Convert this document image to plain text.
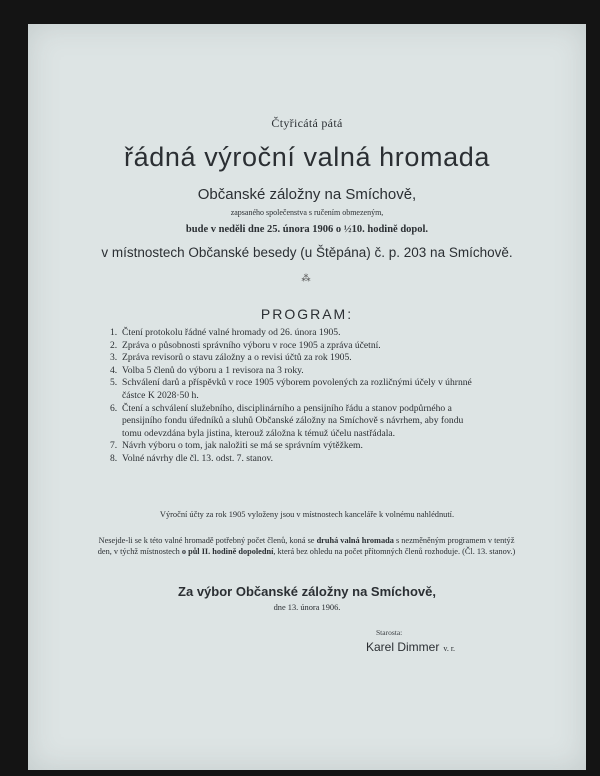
Čtyřicátá pátá
řádná výroční valná hromada
Občanské záložny na Smíchově,
zapsaného společenstva s ručením obmezeným,
bude v neděli dne 25. února 1906 o ½10. hodině dopol.
v místnostech Občanské besedy (u Štěpána) č. p. 203 na Smíchově.
⁂
PROGRAM:
1. Čtení protokolu řádné valné hromady od 26. února 1905.
2. Zpráva o působnosti správního výboru v roce 1905 a zpráva účetní.
3. Zpráva revisorů o stavu záložny a o revisi účtů za rok 1905.
4. Volba 5 členů do výboru a 1 revisora na 3 roky.
5. Schválení darů a příspěvků v roce 1905 výborem povolených za rozličnými účely v úhrnné částce K 2028·50 h.
6. Čtení a schválení služebního, disciplinárního a pensijního řádu a stanov podpůrného a pensijního fondu úředníků a sluhů Občanské záložny na Smíchově s návrhem, aby fondu tomu odevzdána byla jistina, kterouž záložna k témuž účelu nastřádala.
7. Návrh výboru o tom, jak naložiti se má se správním výtěžkem.
8. Volné návrhy dle čl. 13. odst. 7. stanov.
Výroční účty za rok 1905 vyloženy jsou v místnostech kanceláře k volnému nahlédnutí.
Nesejde-li se k této valné hromadě potřebný počet členů, koná se druhá valná hromada s nezměněným programem v tentýž den, v týchž místnostech o půl II. hodině dopolední, která bez ohledu na počet přítomných členů rozhoduje. (Čl. 13. stanov.)
Za výbor Občanské záložny na Smíchově,
dne 13. února 1906.
Starosta:
Karel Dimmer v. r.
